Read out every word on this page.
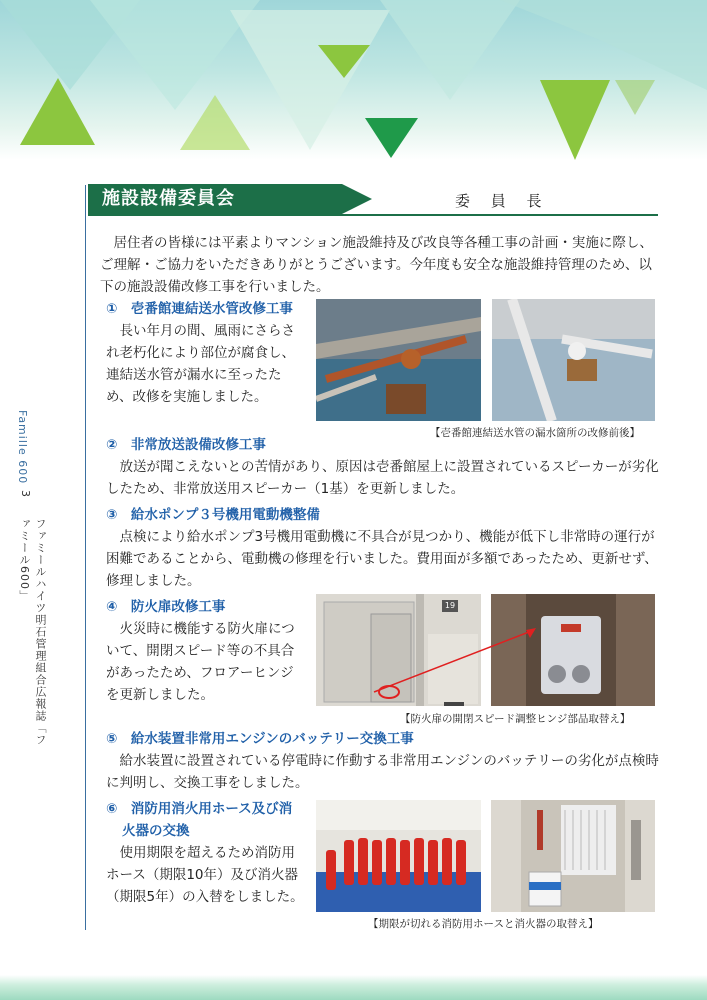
Famille 600
3
ファミールハイツ明石管理組合広報誌「ファミール600」
施設設備委員会	委 員 長
居住者の皆様には平素よりマンション施設維持及び改良等各種工事の計画・実施に際し、ご理解・ご協力をいただきありがとうございます。今年度も安全な施設維持管理のため、以下の施設設備改修工事を行いました。
①　壱番館連結送水管改修工事
長い年月の間、風雨にさらされ老朽化により部位が腐食し、連結送水管が漏水に至ったため、改修を実施しました。
【壱番館連結送水管の漏水箇所の改修前後】
②　非常放送設備改修工事
放送が聞こえないとの苦情があり、原因は壱番館屋上に設置されているスピーカーが劣化したため、非常放送用スピーカー（1基）を更新しました。
③　給水ポンプ３号機用電動機整備
点検により給水ポンプ3号機用電動機に不具合が見つかり、機能が低下し非常時の運行が困難であることから、電動機の修理を行いました。費用面が多額であったため、更新せず、修理しました。
④　防火扉改修工事
火災時に機能する防火扉について、開閉スピード等の不具合があったため、フロアーヒンジを更新しました。
19
【防火扉の開閉スピード調整ヒンジ部品取替え】
⑤　給水装置非常用エンジンのバッテリー交換工事
給水装置に設置されている停電時に作動する非常用エンジンのバッテリーの劣化が点検時に判明し、交換工事をしました。
⑥　消防用消火用ホース及び消
火器の交換
使用期限を超えるため消防用ホース（期限10年）及び消火器（期限5年）の入替をしました。
【期限が切れる消防用ホースと消火器の取替え】
